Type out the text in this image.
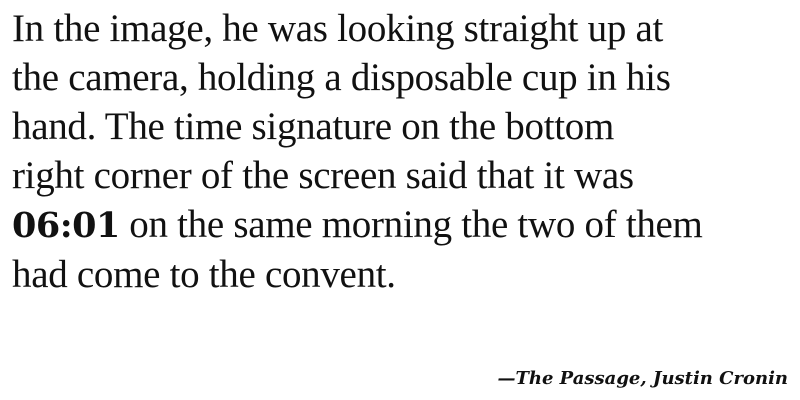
In the image, he was looking straight up at
the camera, holding a disposable cup in his
hand. The time signature on the bottom
right corner of the screen said that it was
06:01 on the same morning the two of them
had come to the convent.

—The Passage, Justin Cronin
